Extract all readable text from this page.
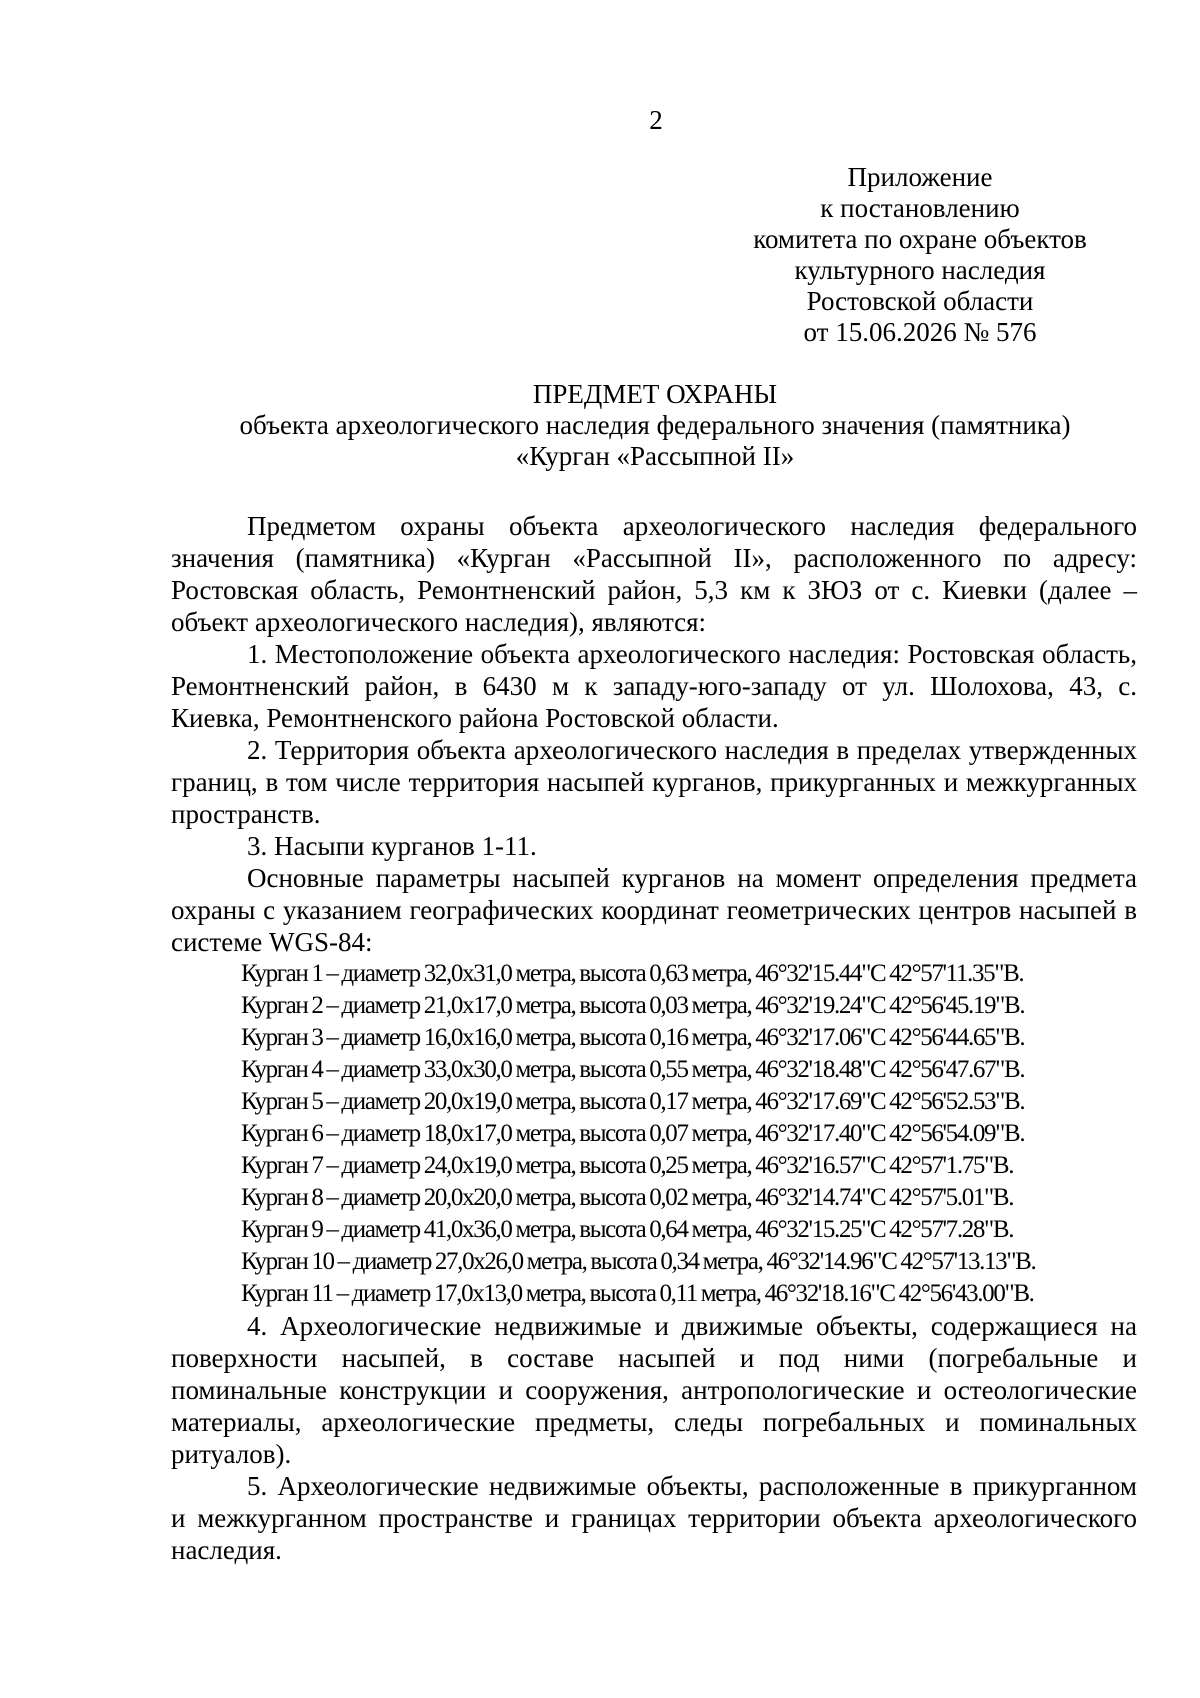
2
Приложение
к постановлению
комитета по охране объектов
культурного наследия
Ростовской области
от 15.06.2026 № 576
ПРЕДМЕТ ОХРАНЫ
объекта археологического наследия федерального значения (памятника)
«Курган «Рассыпной II»

Предметом охраны объекта археологического наследия федерального значения (памятника) «Курган «Рассыпной II», расположенного по адресу: Ростовская область, Ремонтненский район, 5,3 км к ЗЮЗ от с. Киевки (далее – объект археологического наследия), являются:

1. Местоположение объекта археологического наследия: Ростовская область, Ремонтненский район, в 6430 м к западу-юго-западу от ул. Шолохова, 43, с. Киевка, Ремонтненского района Ростовской области.

2. Территория объекта археологического наследия в пределах утвержденных границ, в том числе территория насыпей курганов, прикурганных и межкурганных пространств.

3. Насыпи курганов 1-11.

Основные параметры насыпей курганов на момент определения предмета охраны с указанием географических координат геометрических центров насыпей в системе WGS-84:

Курган 1 – диаметр 32,0х31,0 метра, высота 0,63 метра, 46°32'15.44"С 42°57'11.35"В.
Курган 2 – диаметр 21,0х17,0 метра, высота 0,03 метра, 46°32'19.24"С 42°56'45.19"В.
Курган 3 – диаметр 16,0х16,0 метра, высота 0,16 метра, 46°32'17.06"С 42°56'44.65"В.
Курган 4 – диаметр 33,0х30,0 метра, высота 0,55 метра, 46°32'18.48"С 42°56'47.67"В.
Курган 5 – диаметр 20,0х19,0 метра, высота 0,17 метра, 46°32'17.69"С 42°56'52.53"В.
Курган 6 – диаметр 18,0х17,0 метра, высота 0,07 метра, 46°32'17.40"С 42°56'54.09"В.
Курган 7 – диаметр 24,0х19,0 метра, высота 0,25 метра, 46°32'16.57"С 42°57'1.75"В.
Курган 8 – диаметр 20,0х20,0 метра, высота 0,02 метра, 46°32'14.74"С 42°57'5.01"В.
Курган 9 – диаметр 41,0х36,0 метра, высота 0,64 метра, 46°32'15.25"С 42°57'7.28"В.
Курган 10 – диаметр 27,0х26,0 метра, высота 0,34 метра, 46°32'14.96"С 42°57'13.13"В.
Курган 11 – диаметр 17,0х13,0 метра, высота 0,11 метра, 46°32'18.16"С 42°56'43.00"В.

4. Археологические недвижимые и движимые объекты, содержащиеся на поверхности насыпей, в составе насыпей и под ними (погребальные и поминальные конструкции и сооружения, антропологические и остеологические материалы, археологические предметы, следы погребальных и поминальных ритуалов).

5. Археологические недвижимые объекты, расположенные в прикурганном и межкурганном пространстве и границах территории объекта археологического наследия.
